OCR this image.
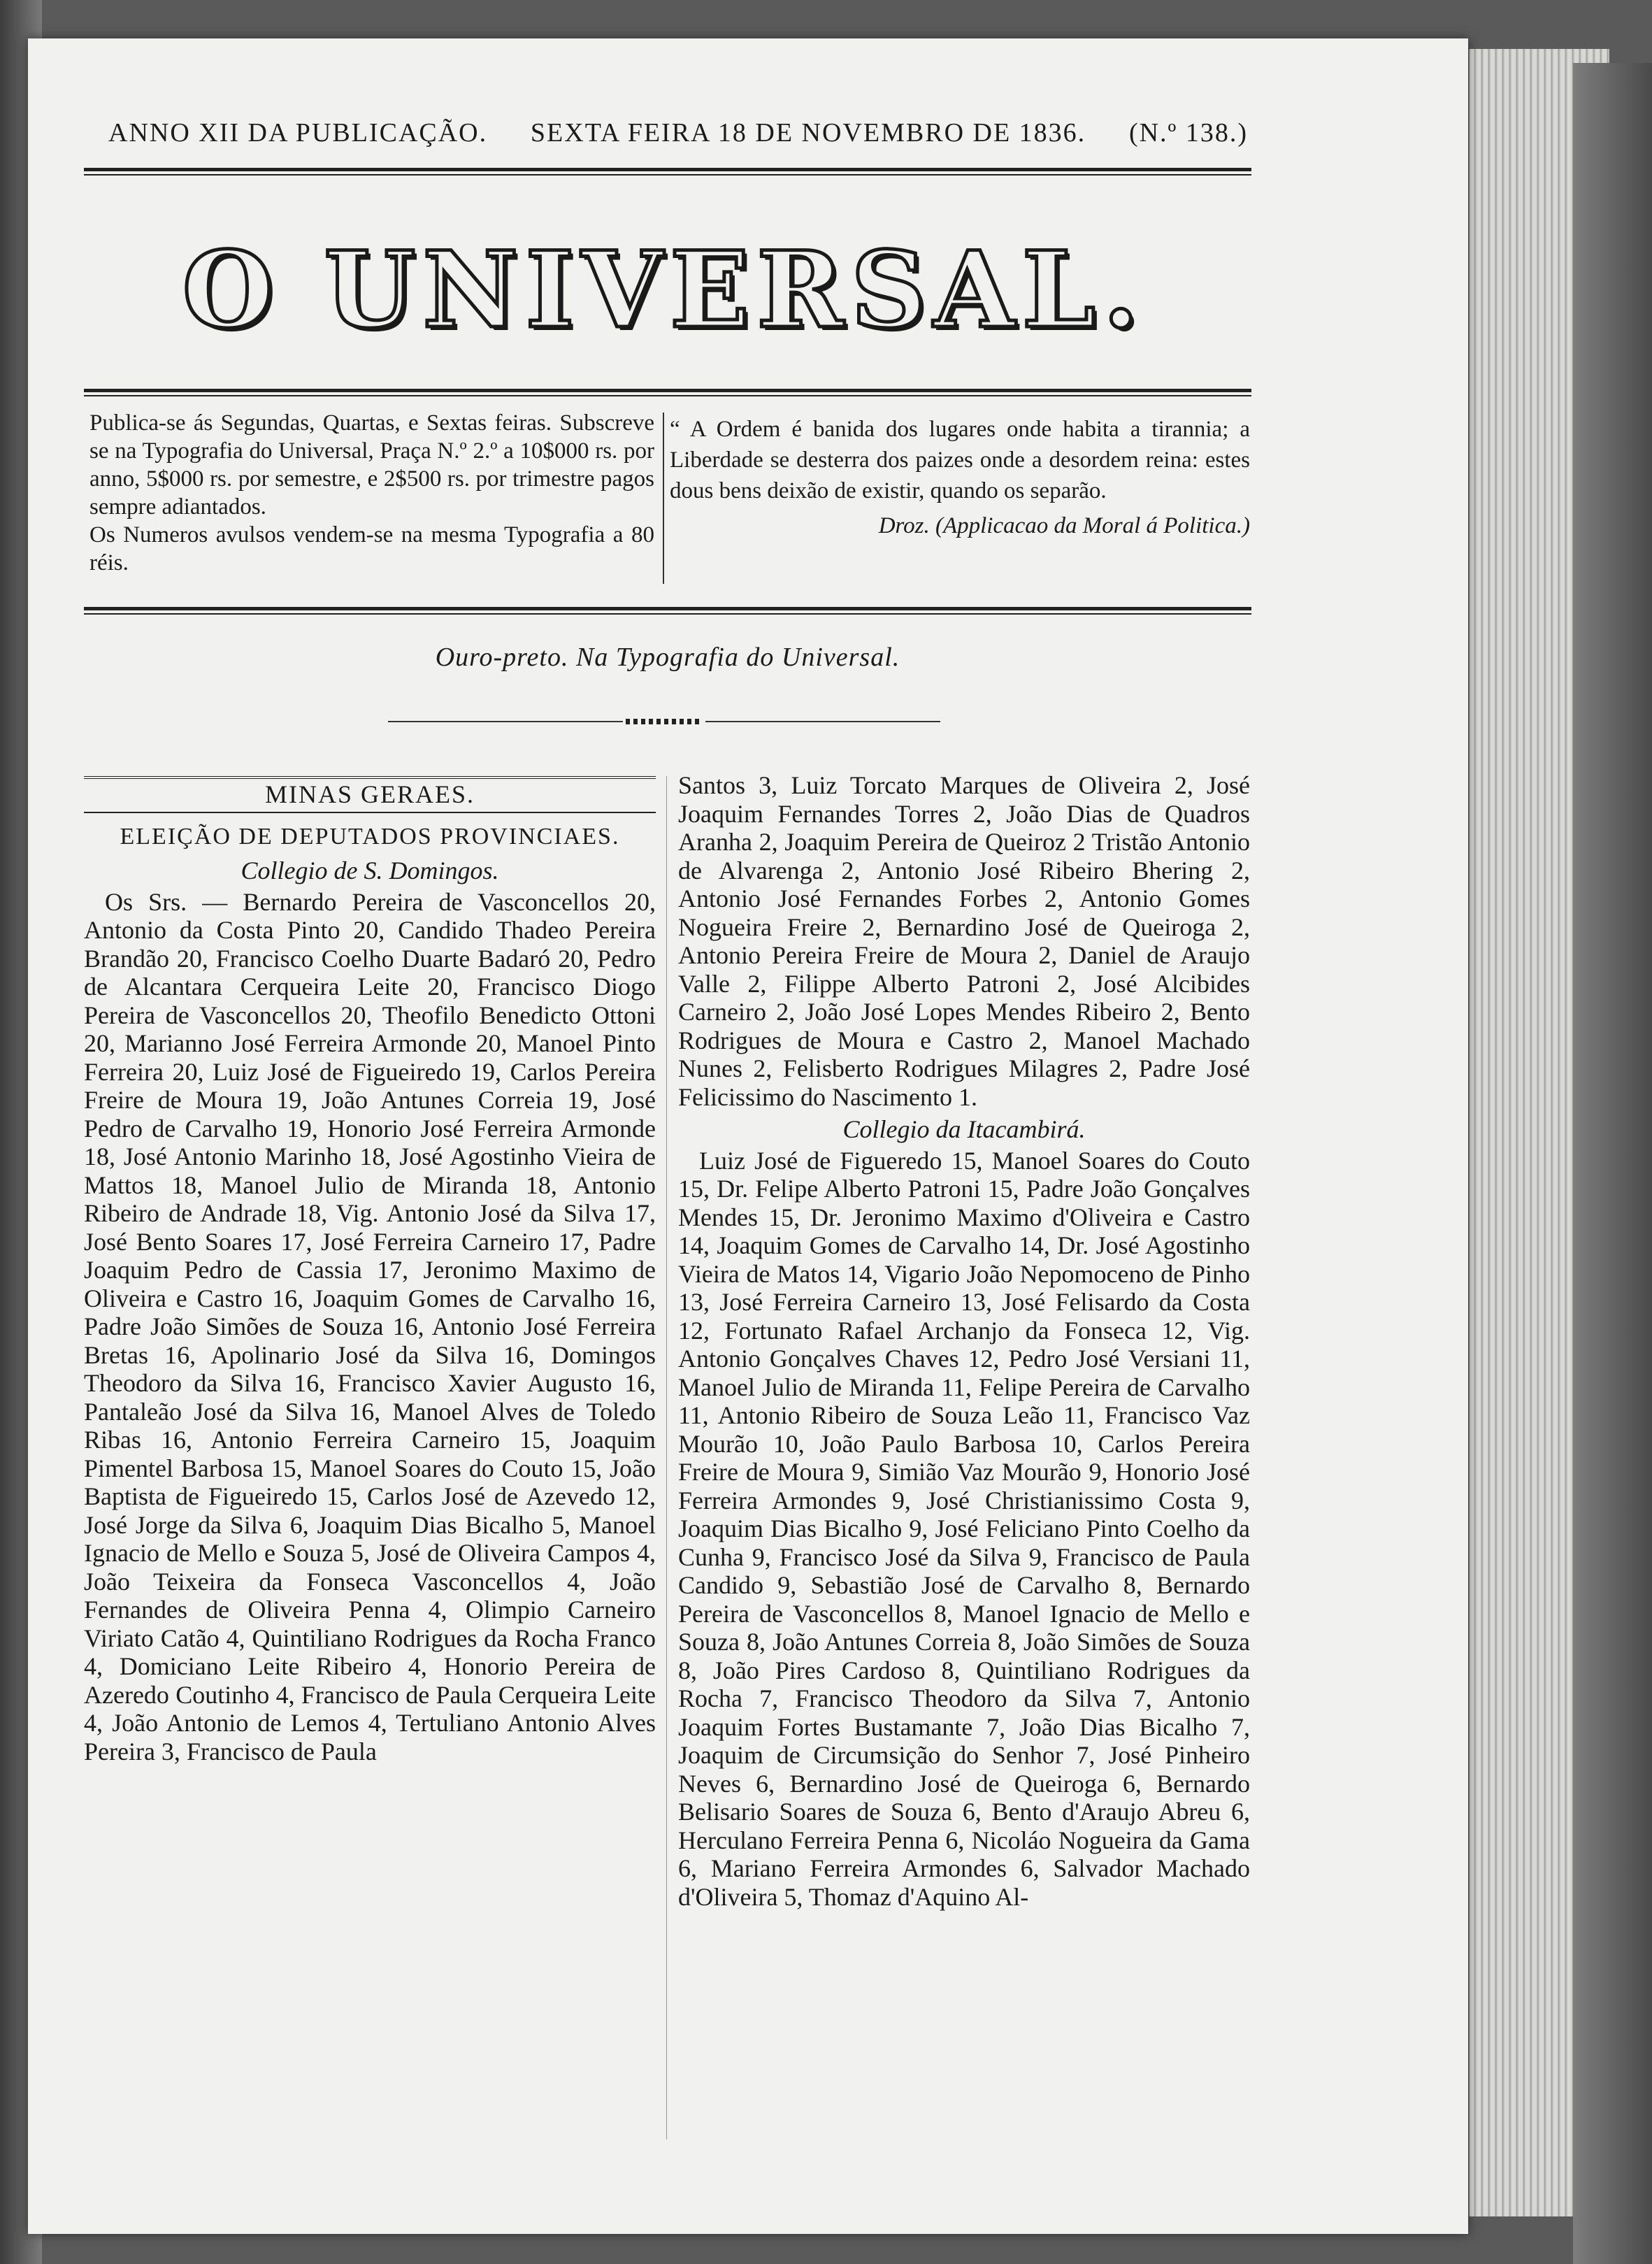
ANNO XII DA PUBLICAÇÃO. SEXTA FEIRA 18 DE NOVEMBRO DE 1836. (N.º 138.)
O UNIVERSAL.

Publica-se ás Segundas, Quartas, e Sextas feiras. Subscreve se na Typografia do Universal, Praça N.º 2.º a 10$000 rs. por anno, 5$000 rs. por semestre, e 2$500 rs. por trimestre pagos sempre adiantados.

Os Numeros avulsos vendem-se na mesma Typografia a 80 réis.

“ A Ordem é banida dos lugares onde habita a tirannia; a Liberdade se desterra dos paizes onde a desordem reina: estes dous bens deixão de existir, quando os separão.

Droz. (Applicacao da Moral á Politica.)

Ouro-preto. Na Typografia do Universal.
MINAS GERAES.
ELEIÇÃO DE DEPUTADOS PROVINCIAES.
Collegio de S. Domingos.

Os Srs. — Bernardo Pereira de Vasconcellos 20, Antonio da Costa Pinto 20, Candido Thadeo Pereira Brandão 20, Francisco Coelho Duarte Badaró 20, Pedro de Alcantara Cerqueira Leite 20, Francisco Diogo Pereira de Vasconcellos 20, Theofilo Benedicto Ottoni 20, Marianno José Ferreira Armonde 20, Manoel Pinto Ferreira 20, Luiz José de Figueiredo 19, Carlos Pereira Freire de Moura 19, João Antunes Correia 19, José Pedro de Carvalho 19, Honorio José Ferreira Armonde 18, José Antonio Marinho 18, José Agostinho Vieira de Mattos 18, Manoel Julio de Miranda 18, Antonio Ribeiro de Andrade 18, Vig. Antonio José da Silva 17, José Bento Soares 17, José Ferreira Carneiro 17, Padre Joaquim Pedro de Cassia 17, Jeronimo Maximo de Oliveira e Castro 16, Joaquim Gomes de Carvalho 16, Padre João Simões de Souza 16, Antonio José Ferreira Bretas 16, Apolinario José da Silva 16, Domingos Theodoro da Silva 16, Francisco Xavier Augusto 16, Pantaleão José da Silva 16, Manoel Alves de Toledo Ribas 16, Antonio Ferreira Carneiro 15, Joaquim Pimentel Barbosa 15, Manoel Soares do Couto 15, João Baptista de Figueiredo 15, Carlos José de Azevedo 12, José Jorge da Silva 6, Joaquim Dias Bicalho 5, Manoel Ignacio de Mello e Souza 5, José de Oliveira Campos 4, João Teixeira da Fonseca Vasconcellos 4, João Fernandes de Oliveira Penna 4, Olimpio Carneiro Viriato Catão 4, Quintiliano Rodrigues da Rocha Franco 4, Domiciano Leite Ribeiro 4, Honorio Pereira de Azeredo Coutinho 4, Francisco de Paula Cerqueira Leite 4, João Antonio de Lemos 4, Tertuliano Antonio Alves Pereira 3, Francisco de Paula

Santos 3, Luiz Torcato Marques de Oliveira 2, José Joaquim Fernandes Torres 2, João Dias de Quadros Aranha 2, Joaquim Pereira de Queiroz 2 Tristão Antonio de Alvarenga 2, Antonio José Ribeiro Bhering 2, Antonio José Fernandes Forbes 2, Antonio Gomes Nogueira Freire 2, Bernardino José de Queiroga 2, Antonio Pereira Freire de Moura 2, Daniel de Araujo Valle 2, Filippe Alberto Patroni 2, José Alcibides Carneiro 2, João José Lopes Mendes Ribeiro 2, Bento Rodrigues de Moura e Castro 2, Manoel Machado Nunes 2, Felisberto Rodrigues Milagres 2, Padre José Felicissimo do Nascimento 1.

Collegio da Itacambirá.

Luiz José de Figueredo 15, Manoel Soares do Couto 15, Dr. Felipe Alberto Patroni 15, Padre João Gonçalves Mendes 15, Dr. Jeronimo Maximo d'Oliveira e Castro 14, Joaquim Gomes de Carvalho 14, Dr. José Agostinho Vieira de Matos 14, Vigario João Nepomoceno de Pinho 13, José Ferreira Carneiro 13, José Felisardo da Costa 12, Fortunato Rafael Archanjo da Fonseca 12, Vig. Antonio Gonçalves Chaves 12, Pedro José Versiani 11, Manoel Julio de Miranda 11, Felipe Pereira de Carvalho 11, Antonio Ribeiro de Souza Leão 11, Francisco Vaz Mourão 10, João Paulo Barbosa 10, Carlos Pereira Freire de Moura 9, Simião Vaz Mourão 9, Honorio José Ferreira Armondes 9, José Christianissimo Costa 9, Joaquim Dias Bicalho 9, José Feliciano Pinto Coelho da Cunha 9, Francisco José da Silva 9, Francisco de Paula Candido 9, Sebastião José de Carvalho 8, Bernardo Pereira de Vasconcellos 8, Manoel Ignacio de Mello e Souza 8, João Antunes Correia 8, João Simões de Souza 8, João Pires Cardoso 8, Quintiliano Rodrigues da Rocha 7, Francisco Theodoro da Silva 7, Antonio Joaquim Fortes Bustamante 7, João Dias Bicalho 7, Joaquim de Circumsição do Senhor 7, José Pinheiro Neves 6, Bernardino José de Queiroga 6, Bernardo Belisario Soares de Souza 6, Bento d'Araujo Abreu 6, Herculano Ferreira Penna 6, Nicoláo Nogueira da Gama 6, Mariano Ferreira Armondes 6, Salvador Machado d'Oliveira 5, Thomaz d'Aquino Al-
